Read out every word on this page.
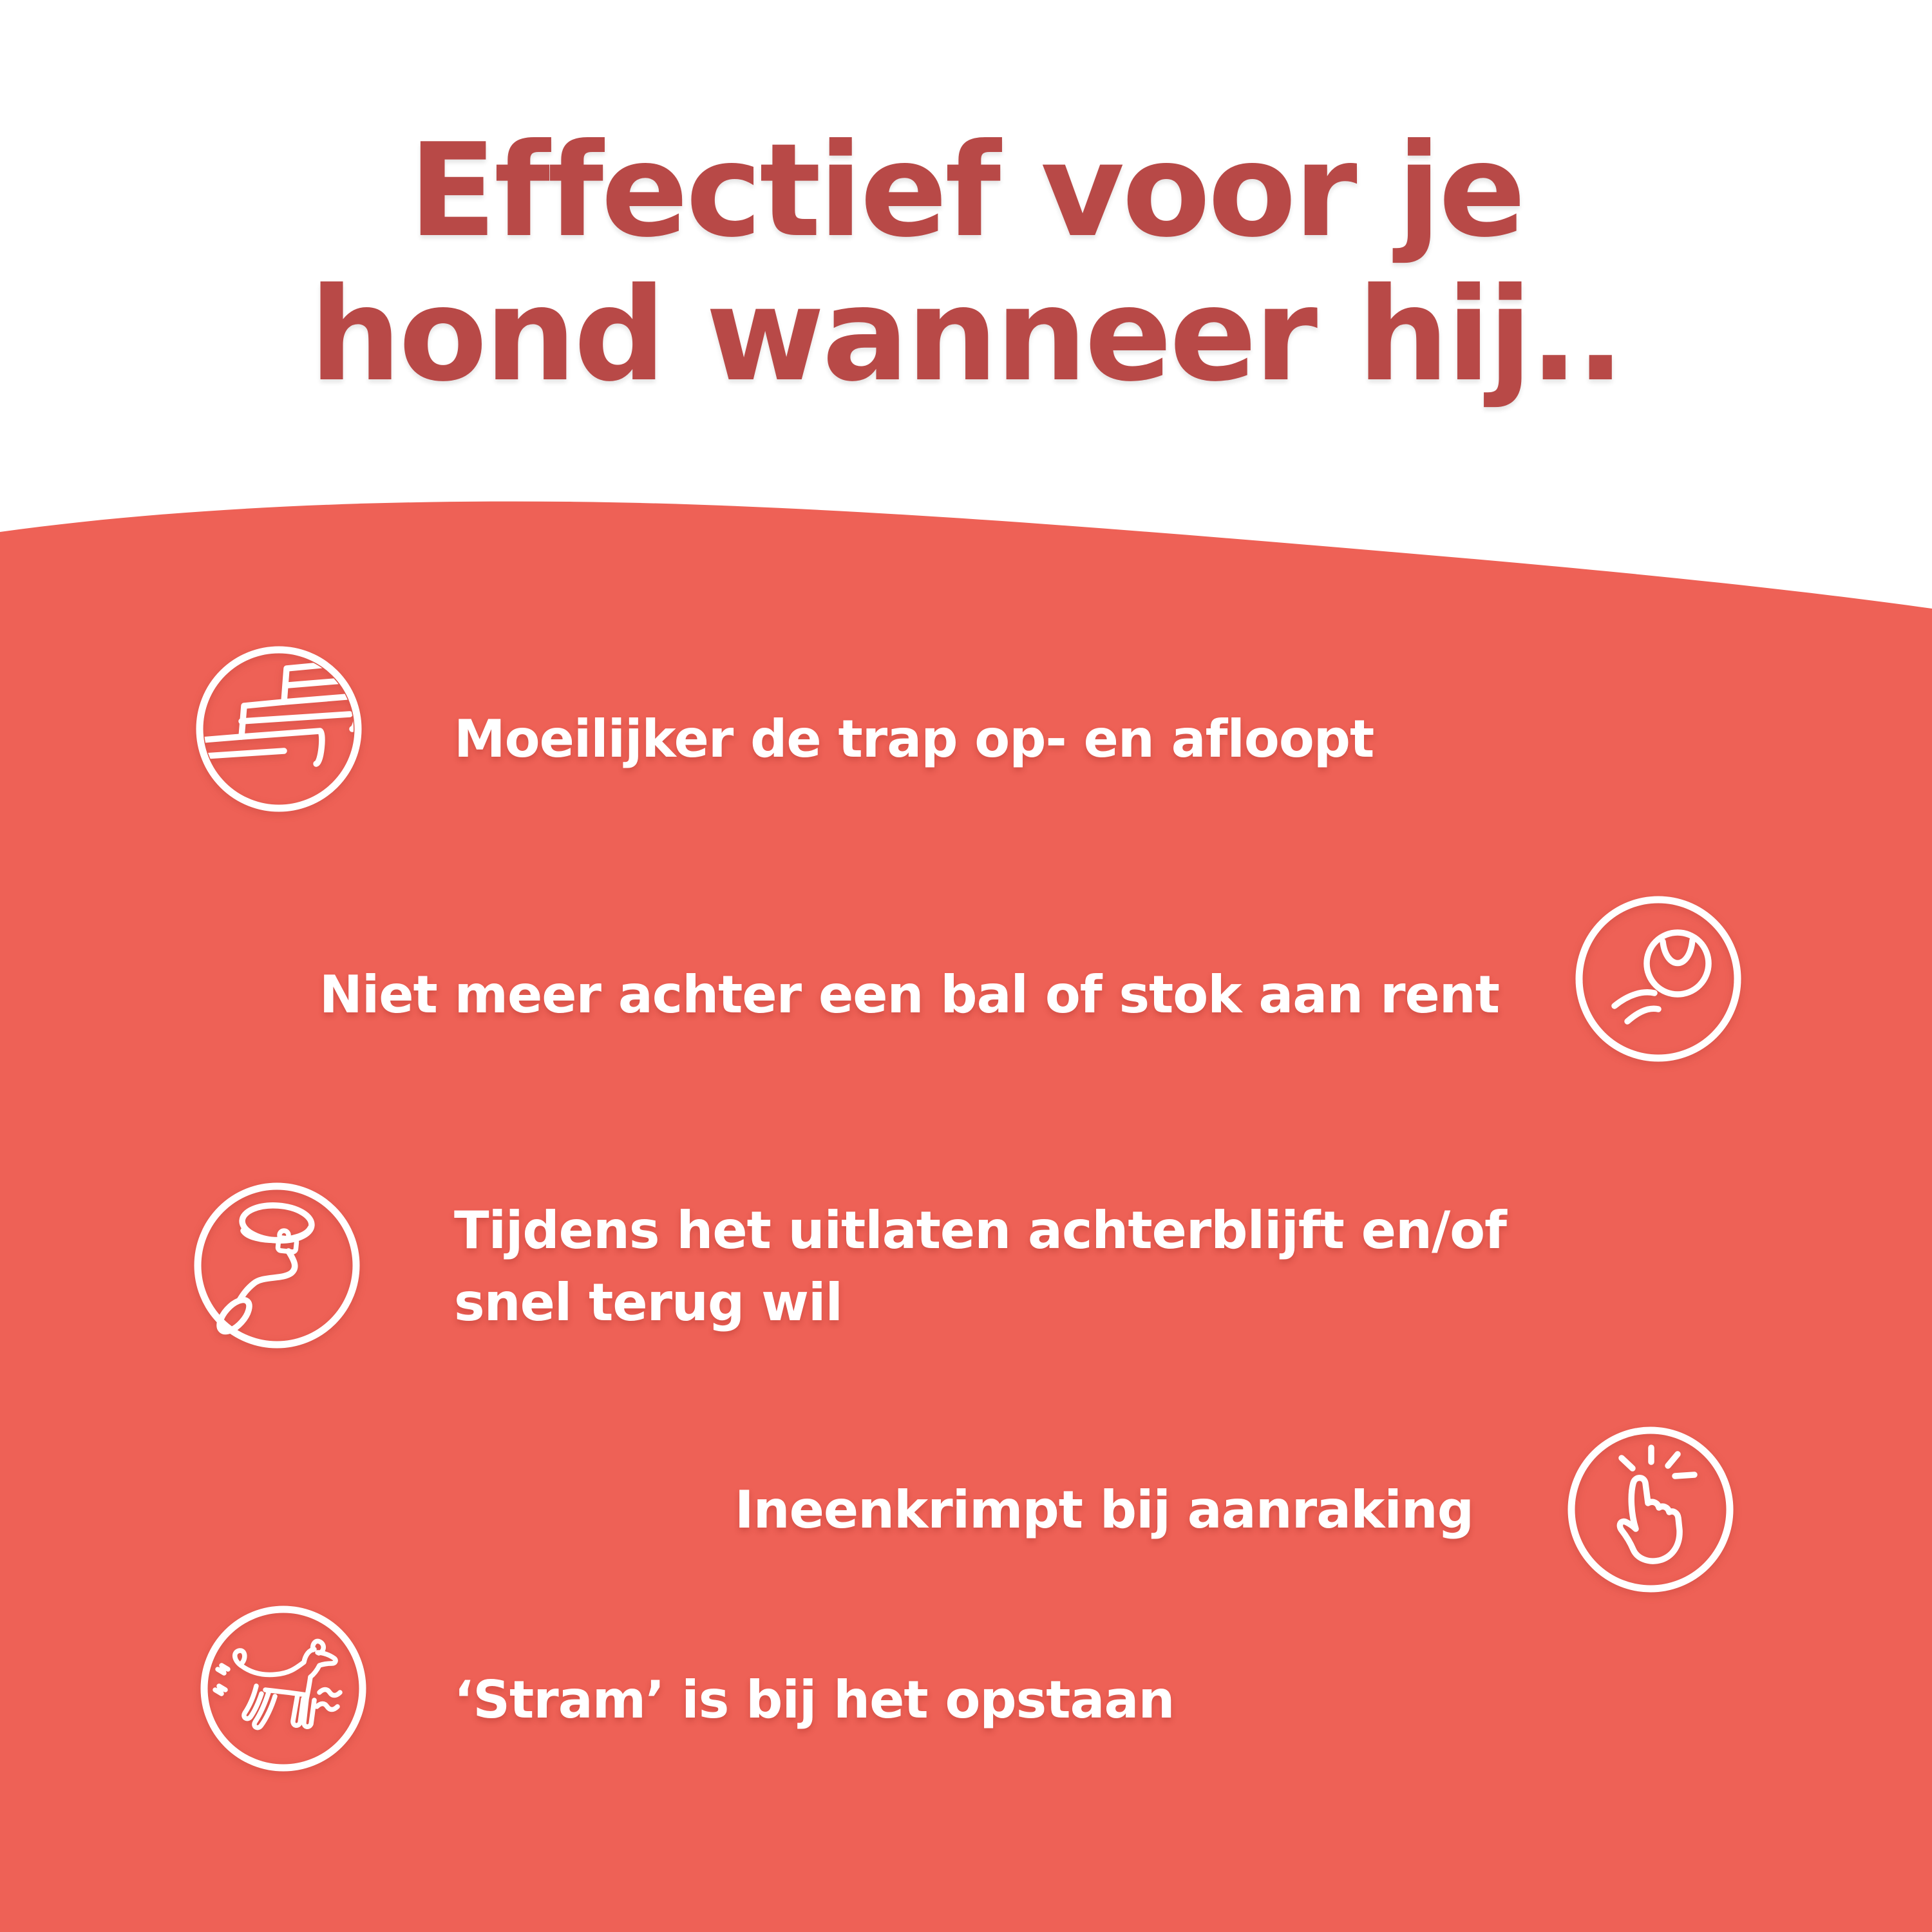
Effectief voor je
hond wanneer hij..
Moeilijker de trap op- en afloopt
Niet meer achter een bal of stok aan rent
Tijdens het uitlaten achterblijft en/of
snel terug wil
Ineenkrimpt bij aanraking
‘Stram’ is bij het opstaan
